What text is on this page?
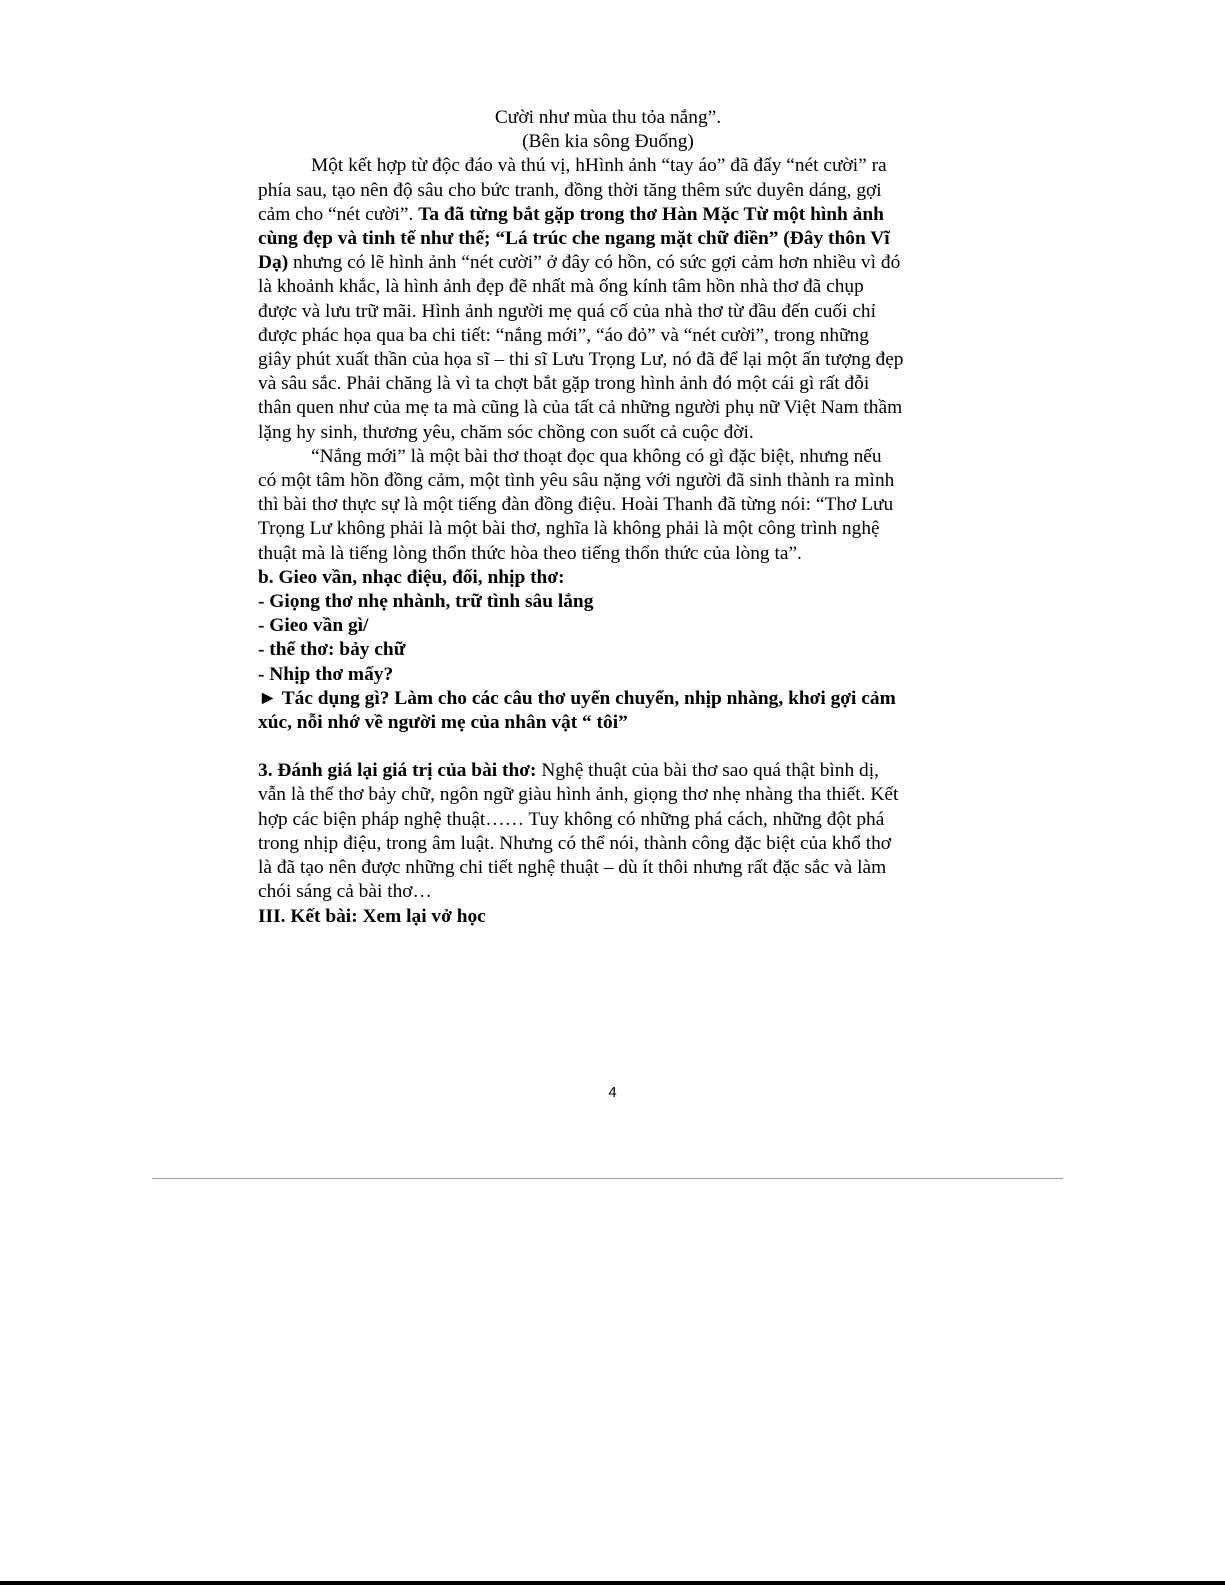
Cười như mùa thu tỏa nắng”.

(Bên kia sông Đuống)

Một kết hợp từ độc đáo và thú vị, hHình ảnh “tay áo” đã đẩy “nét cười” ra

phía sau, tạo nên độ sâu cho bức tranh, đồng thời tăng thêm sức duyên dáng, gợi

cảm cho “nét cười”. Ta đã từng bắt gặp trong thơ Hàn Mặc Từ một hình ảnh

cùng đẹp và tinh tế như thế; “Lá trúc che ngang mặt chữ điền” (Đây thôn Vĩ

Dạ) nhưng có lẽ hình ảnh “nét cười” ở đây có hồn, có sức gợi cảm hơn nhiều vì đó

là khoảnh khắc, là hình ảnh đẹp đẽ nhất mà ống kính tâm hồn nhà thơ đã chụp

được và lưu trữ mãi. Hình ảnh người mẹ quá cố của nhà thơ từ đầu đến cuối chỉ

được phác họa qua ba chi tiết: “nắng mới”, “áo đỏ” và “nét cười”, trong những

giây phút xuất thần của họa sĩ – thi sĩ Lưu Trọng Lư, nó đã để lại một ấn tượng đẹp

và sâu sắc. Phải chăng là vì ta chợt bắt gặp trong hình ảnh đó một cái gì rất đỗi

thân quen như của mẹ ta mà cũng là của tất cả những người phụ nữ Việt Nam thầm

lặng hy sinh, thương yêu, chăm sóc chồng con suốt cả cuộc đời.

“Nắng mới” là một bài thơ thoạt đọc qua không có gì đặc biệt, nhưng nếu

có một tâm hồn đồng cảm, một tình yêu sâu nặng với người đã sinh thành ra mình

thì bài thơ thực sự là một tiếng đàn đồng điệu. Hoài Thanh đã từng nói: “Thơ Lưu

Trọng Lư không phải là một bài thơ, nghĩa là không phải là một công trình nghệ

thuật mà là tiếng lòng thổn thức hòa theo tiếng thổn thức của lòng ta”.

b. Gieo vần, nhạc điệu, đối, nhịp thơ:

- Giọng thơ nhẹ nhành, trữ tình sâu lắng

- Gieo vần gì/

- thể thơ: bảy chữ

- Nhịp thơ mấy?

► Tác dụng gì? Làm cho các câu thơ uyển chuyển, nhịp nhàng, khơi gợi cảm

xúc, nỗi nhớ về người mẹ của nhân vật “ tôi”

3. Đánh giá lại giá trị của bài thơ: Nghệ thuật của bài thơ sao quá thật bình dị,

vẫn là thể thơ bảy chữ, ngôn ngữ giàu hình ảnh, giọng thơ nhẹ nhàng tha thiết. Kết

hợp các biện pháp nghệ thuật…… Tuy không có những phá cách, những đột phá

trong nhịp điệu, trong âm luật. Nhưng có thể nói, thành công đặc biệt của khổ thơ

là đã tạo nên được những chi tiết nghệ thuật – dù ít thôi nhưng rất đặc sắc và làm

chói sáng cả bài thơ…

III. Kết bài: Xem lại vở học

4
